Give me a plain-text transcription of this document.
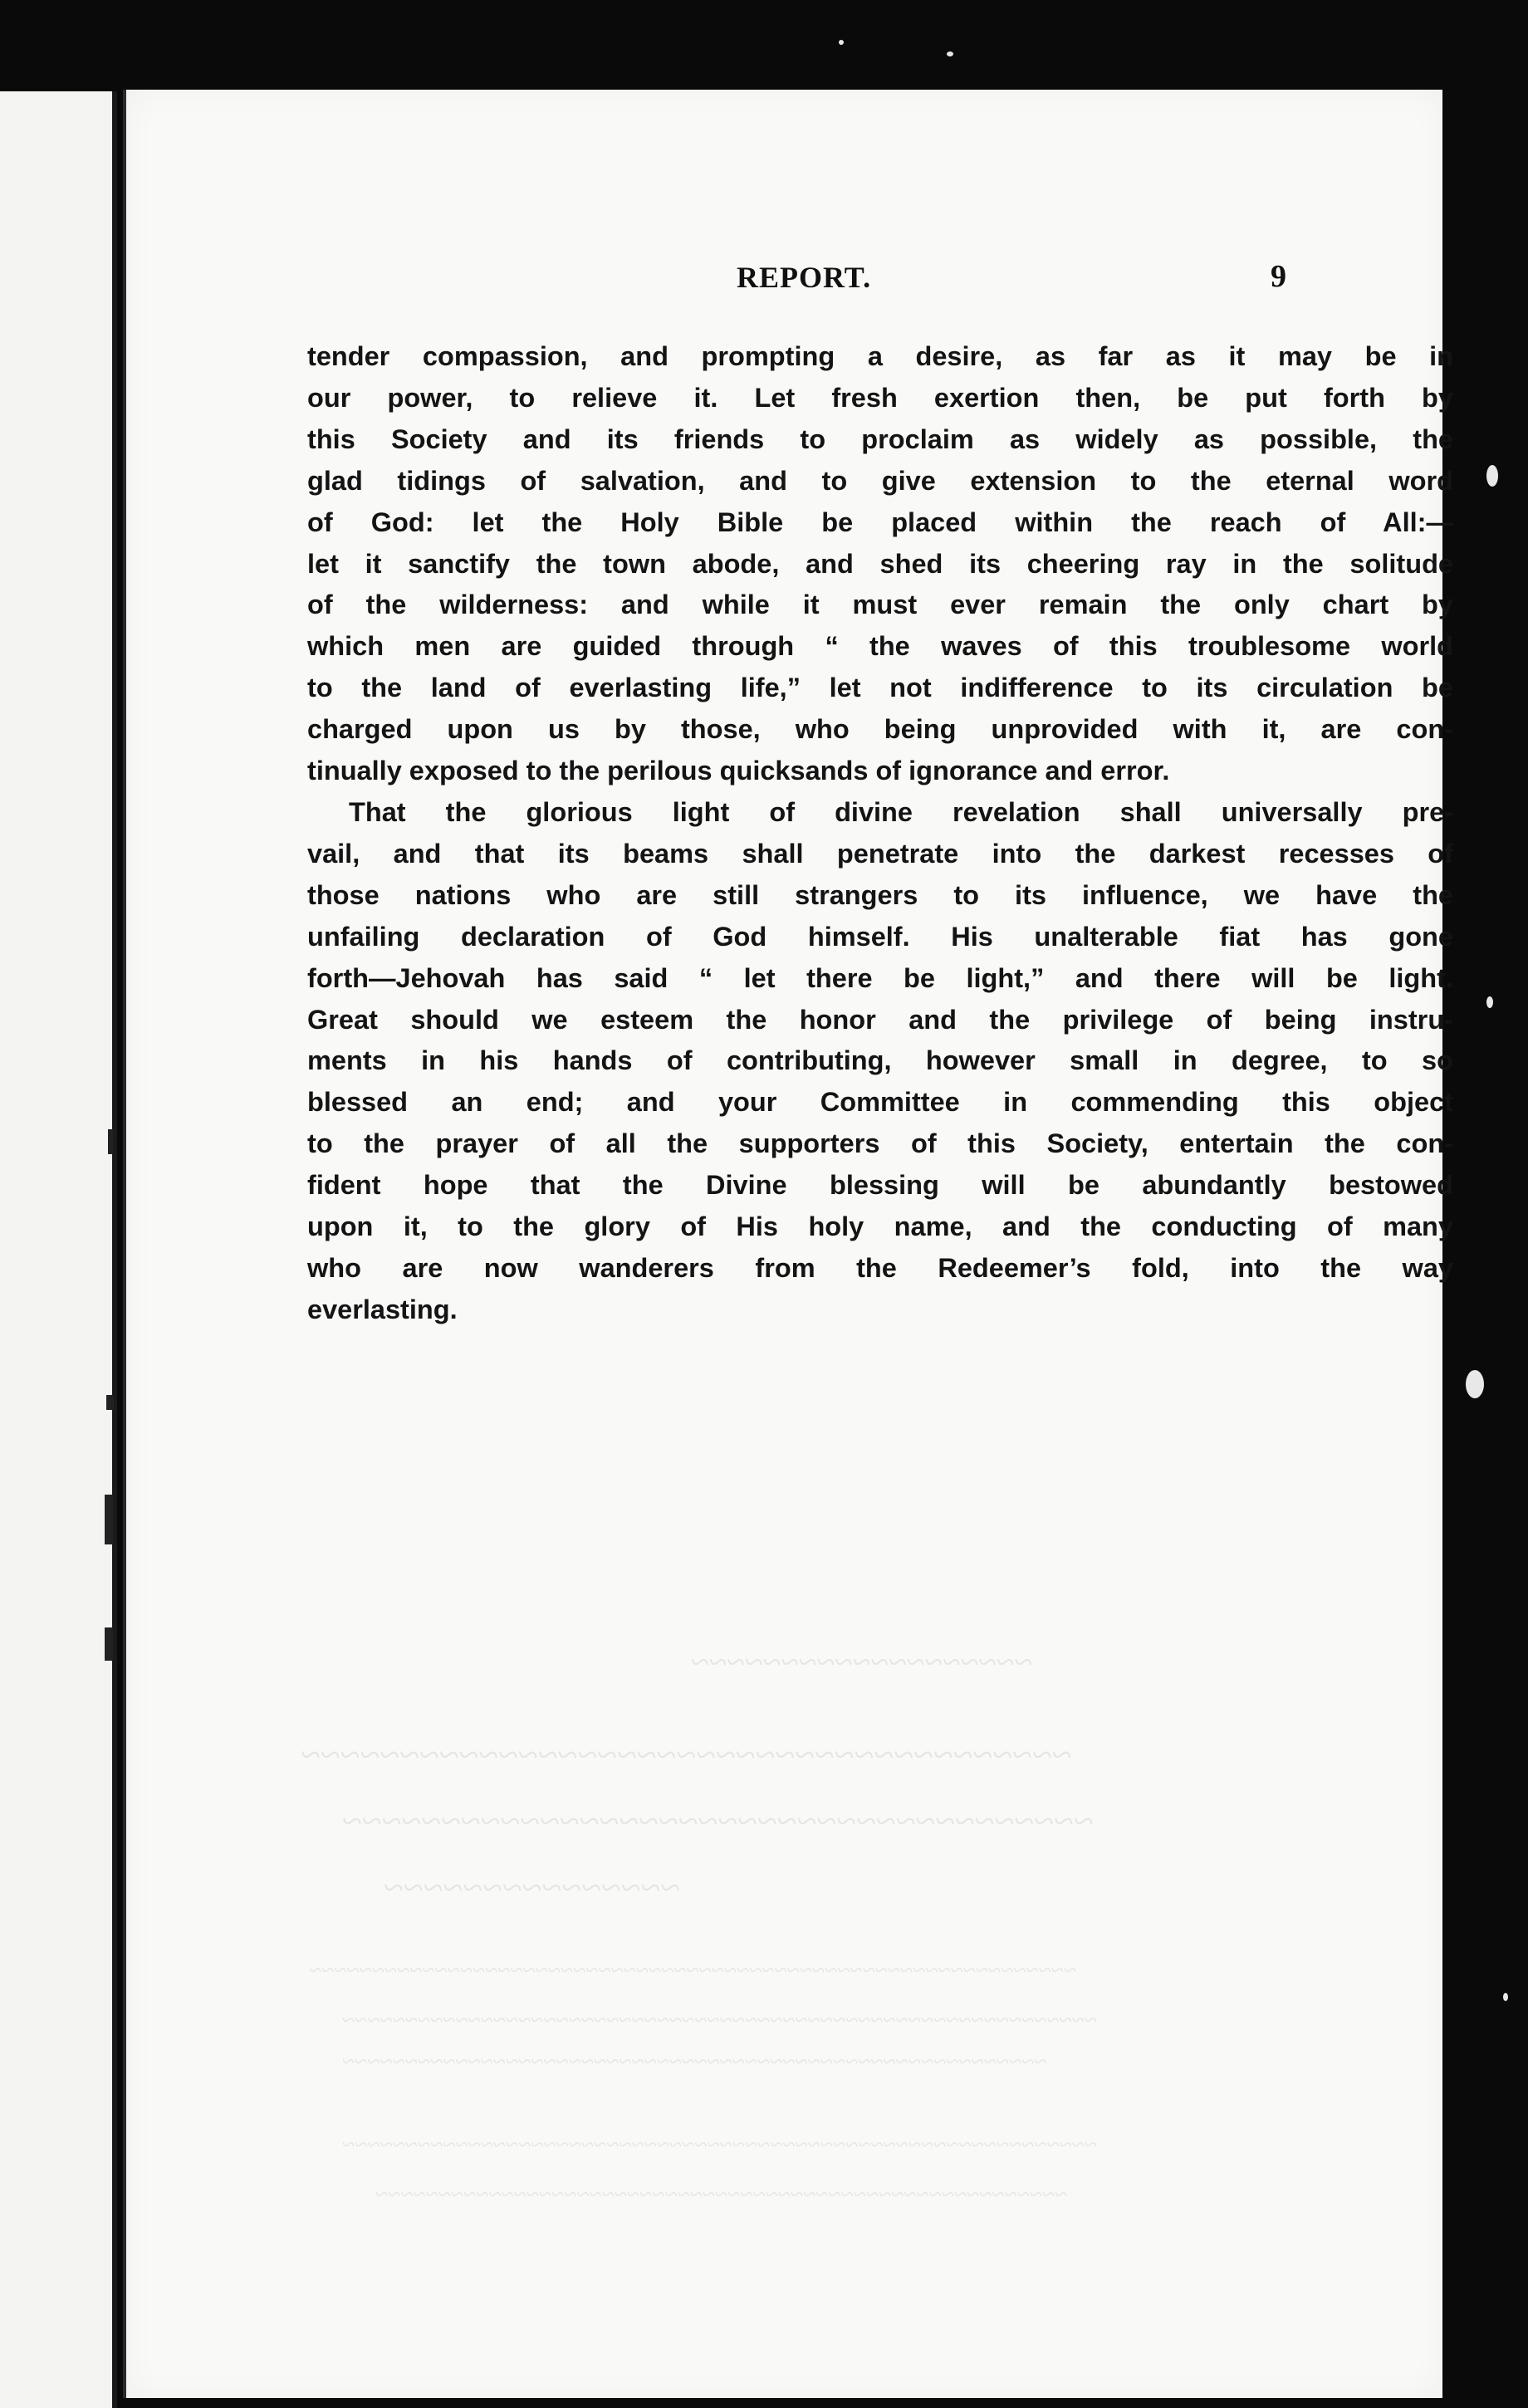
~~~~~~~~~~~~~~~~~~~
~~~~~~~~~~~~~~~~~~~~~~~~~~~~~~~~~~~~~~~
~~~~~~~~~~~~~~~~~~~~~~~~~~~~~~~~~~~~~~
~~~~~~~~~~~~~~~
~~~~~~~~~~~~~~~~~~~~~~~~~~~~~~~~~~~~~~~~~~~~~~~~~~~~~~~~~~~~~
~~~~~~~~~~~~~~~~~~~~~~~~~~~~~~~~~~~~~~~~~~~~~~~~~~~~~~~~~~~~
~~~~~~~~~~~~~~~~~~~~~~~~~~~~~~~~~~~~~~~~~~~~~~~~~~~~~~~~
~~~~~~~~~~~~~~~~~~~~~~~~~~~~~~~~~~~~~~~~~~~~~~~~~~~~~~~~~~~~
~~~~~~~~~~~~~~~~~~~~~~~~~~~~~~~~~~~~~~~~~~~~~~~~~~~~~~~
REPORT.	9

tender compassion, and prompting a desire, as far as it may be in
our power, to relieve it. Let fresh exertion then, be put forth by
this Society and its friends to proclaim as widely as possible, the
glad tidings of salvation, and to give extension to the eternal word
of God: let the Holy Bible be placed within the reach of All:—
let it sanctify the town abode, and shed its cheering ray in the solitude
of the wilderness: and while it must ever remain the only chart by
which men are guided through “ the waves of this troublesome world
to the land of everlasting life,” let not indifference to its circulation be
charged upon us by those, who being unprovided with it, are con-
tinually exposed to the perilous quicksands of ignorance and error.

That the glorious light of divine revelation shall universally pre-
vail, and that its beams shall penetrate into the darkest recesses of
those nations who are still strangers to its influence, we have the
unfailing declaration of God himself. His unalterable fiat has gone
forth—Jehovah has said “ let there be light,” and there will be light.
Great should we esteem the honor and the privilege of being instru-
ments in his hands of contributing, however small in degree, to so
blessed an end; and your Committee in commending this object
to the prayer of all the supporters of this Society, entertain the con-
fident hope that the Divine blessing will be abundantly bestowed
upon it, to the glory of His holy name, and the conducting of many
who are now wanderers from the Redeemer’s fold, into the way
everlasting.
